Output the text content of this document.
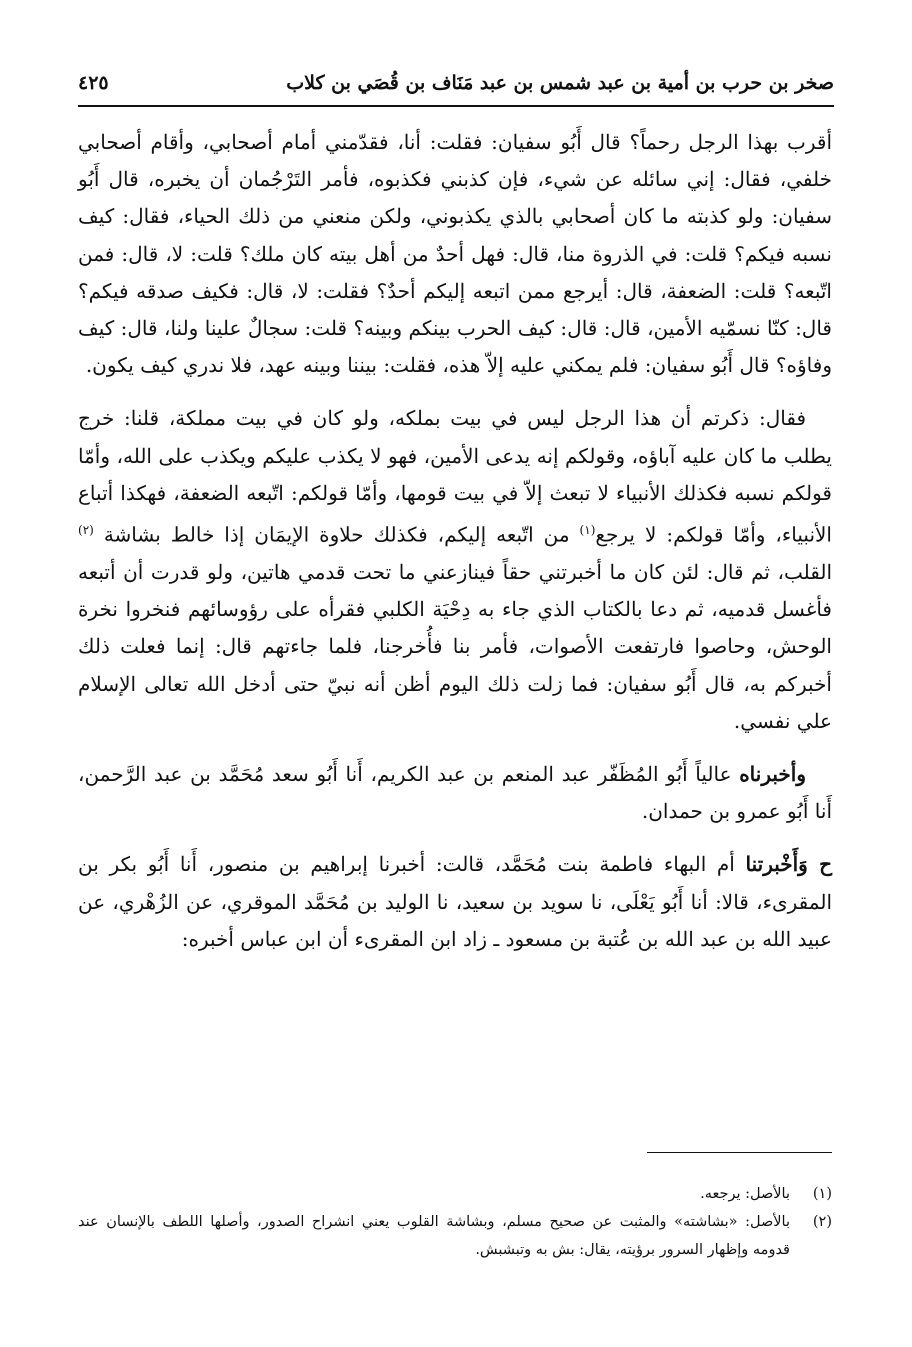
صخر بن حرب بن أمية بن عبد شمس بن عبد مَنَاف بن قُصَي بن كلاب
٤٢٥

أقرب بهذا الرجل رحماً؟ قال أَبُو سفيان: فقلت: أنا، فقدّمني أمام أصحابي، وأقام أصحابي خلفي، فقال: إني سائله عن شيء، فإن كذبني فكذبوه، فأمر التَرْجُمان أن يخبره، قال أَبُو سفيان: ولو كذبته ما كان أصحابي بالذي يكذبوني، ولكن منعني من ذلك الحياء، فقال: كيف نسبه فيكم؟ قلت: في الذروة منا، قال: فهل أحدٌ من أهل بيته كان ملك؟ قلت: لا، قال: فمن اتّبعه؟ قلت: الضعفة، قال: أيرجع ممن اتبعه إليكم أحدٌ؟ فقلت: لا، قال: فكيف صدقه فيكم؟ قال: كنّا نسمّيه الأمين، قال: قال: كيف الحرب بينكم وبينه؟ قلت: سجالٌ علينا ولنا، قال: كيف وفاؤه؟ قال أَبُو سفيان: فلم يمكني عليه إلاّ هذه، فقلت: بيننا وبينه عهد، فلا ندري كيف يكون.

فقال: ذكرتم أن هذا الرجل ليس في بيت بملكه، ولو كان في بيت مملكة، قلنا: خرج يطلب ما كان عليه آباؤه، وقولكم إنه يدعى الأمين، فهو لا يكذب عليكم ويكذب على الله، وأمّا قولكم نسبه فكذلك الأنبياء لا تبعث إلاّ في بيت قومها، وأمّا قولكم: اتّبعه الضعفة، فهكذا أتباع الأنبياء، وأمّا قولكم: لا يرجع$^{(١)}$ من اتّبعه إليكم، فكذلك حلاوة الإيمَان إذا خالط بشاشة $^{(٢)}$ القلب، ثم قال: لئن كان ما أخبرتني حقاً فينازعني ما تحت قدمي هاتين، ولو قدرت أن أتبعه فأغسل قدميه، ثم دعا بالكتاب الذي جاء به دِحْيَة الكلبي فقرأه على رؤوسائهم فنخروا نخرة الوحش، وحاصوا فارتفعت الأصوات، فأمر بنا فأُخرجنا، فلما جاءتهم قال: إنما فعلت ذلك أخبركم به، قال أَبُو سفيان: فما زلت ذلك اليوم أظن أنه نبيّ حتى أدخل الله تعالى الإسلام علي نفسي.

وأخبرناه عالياً أَبُو المُظَفّر عبد المنعم بن عبد الكريم، أَنا أَبُو سعد مُحَمَّد بن عبد الرَّحمن، أَنا أَبُو عمرو بن حمدان.

ح وَأَخْبرتنا أم البهاء فاطمة بنت مُحَمَّد، قالت: أخبرنا إبراهيم بن منصور، أَنا أَبُو بكر بن المقرىء، قالا: أنا أَبُو يَعْلَى، نا سويد بن سعيد، نا الوليد بن مُحَمَّد الموقري، عن الزُهْري، عن عبيد الله بن عبد الله بن عُتبة بن مسعود ـ زاد ابن المقرىء أن ابن عباس أخبره:

(١)
بالأصل: يرجعه.
(٢)
بالأصل: «بشاشته» والمثبت عن صحيح مسلم، وبشاشة القلوب يعني انشراح الصدور، وأصلها اللطف بالإنسان عند قدومه وإظهار السرور برؤيته، يقال: بش به وتبشبش.
